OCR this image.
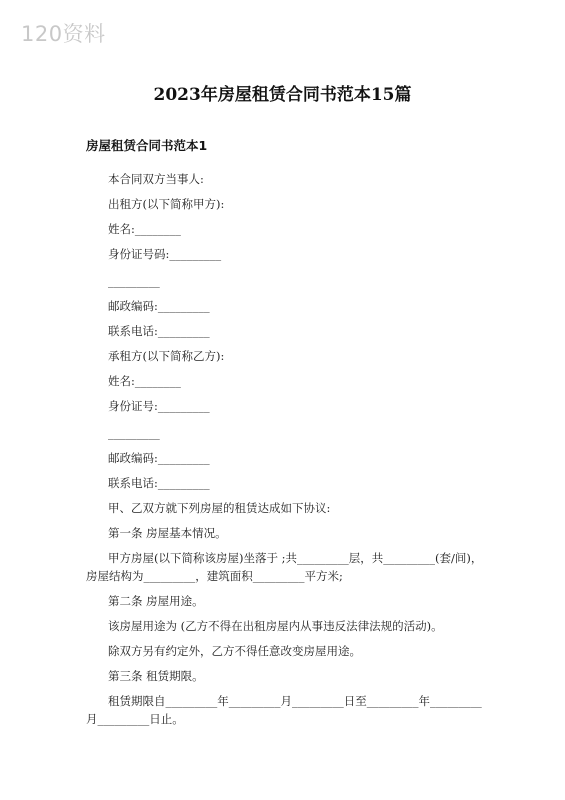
120资料
2023年房屋租赁合同书范本15篇
房屋租赁合同书范本1
本合同双方当事人:
出租方(以下简称甲方):
姓名:________
身份证号码:_________
_________
邮政编码:_________
联系电话:_________
承租方(以下简称乙方):
姓名:________
身份证号:_________
_________
邮政编码:_________
联系电话:_________
甲、乙双方就下列房屋的租赁达成如下协议:
第一条 房屋基本情况。
甲方房屋(以下简称该房屋)坐落于 ;共_________层，共_________(套/间)，房屋结构为_________，建筑面积_________平方米;
第二条 房屋用途。
该房屋用途为 (乙方不得在出租房屋内从事违反法律法规的活动)。
除双方另有约定外，乙方不得任意改变房屋用途。
第三条 租赁期限。
租赁期限自_________年_________月_________日至_________年_________月_________日止。
